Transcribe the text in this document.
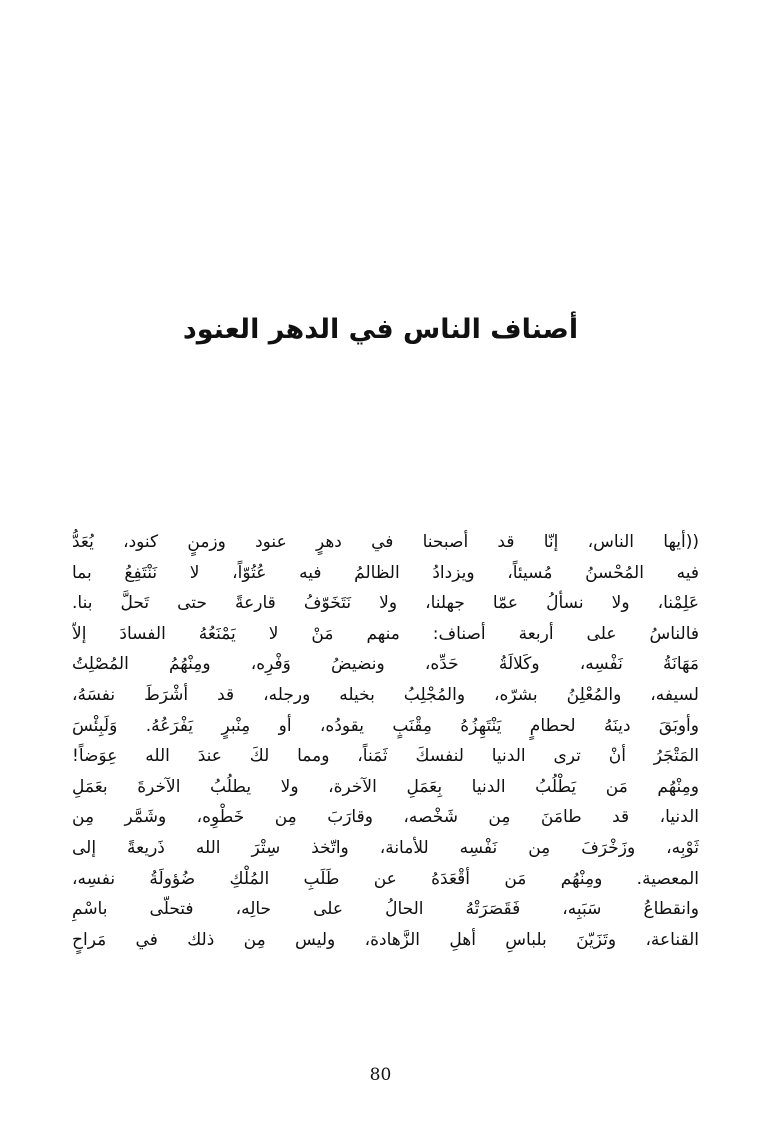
أصناف الناس في الدهر العنود
((أيها الناس، إنّا قد أصبحنا في دهرٍ عنود وزمنٍ كنود، يُعَدُّ
فيه المُحْسنُ مُسيئاً، ويزدادُ الظالمُ فيه عُتُوّاً، لا نَنْتَفِعُ بما
عَلِمْنا، ولا نسألُ عمّا جهلنا، ولا نَتَخَوّفُ قارعةً حتى تَحلَّ بنا.
فالناسُ على أربعة أصناف: منهم مَنْ لا يَمْنَعُهُ الفسادَ إلاّ
مَهَانَةُ نَفْسِه، وكَلالَةُ حَدِّه، ونضيضُ وَفْرِه، ومِنْهُمُ المُصْلِتُ
لسيفه، والمُعْلِنُ بشرّه، والمُجْلِبُ بخيله ورجله، قد أشْرَطَ نفسَهُ،
وأوبَقَ دينَهُ لحطامٍ يَنْتَهِزُهُ مِقْنَبٍ يقودُه، أو مِنْبرٍ يَفْرَعُهُ. وَلَبِئْسَ
المَتْجَرُ أنْ ترى الدنيا لنفسكَ ثَمَناً، ومما لكَ عندَ الله عِوَضاً!
ومِنْهُم مَن يَطْلُبُ الدنيا بِعَمَلِ الآخرة، ولا يطلُبُ الآخرةَ بعَمَلِ
الدنيا، قد طامَنَ مِن شَخْصه، وقارَبَ مِن خَطْوِه، وشَمَّر مِن
ثَوْبِه، وزَخْرَفَ مِن نَفْسِه للأمانة، واتّخذ سِتْرَ الله ذَريعةً إلى
المعصية. ومِنْهُم مَن أقْعَدَهُ عن طَلَبِ المُلْكِ ضُؤولَةُ نفسِه،
وانقطاعُ سَبَبِه، فَقَصَرَتْهُ الحالُ على حالِه، فتحلّى باسْمِ
القناعة، وتَزَيّنَ بلباسِ أهلِ الزَّهادة، وليس مِن ذلك في مَراحٍ
80
